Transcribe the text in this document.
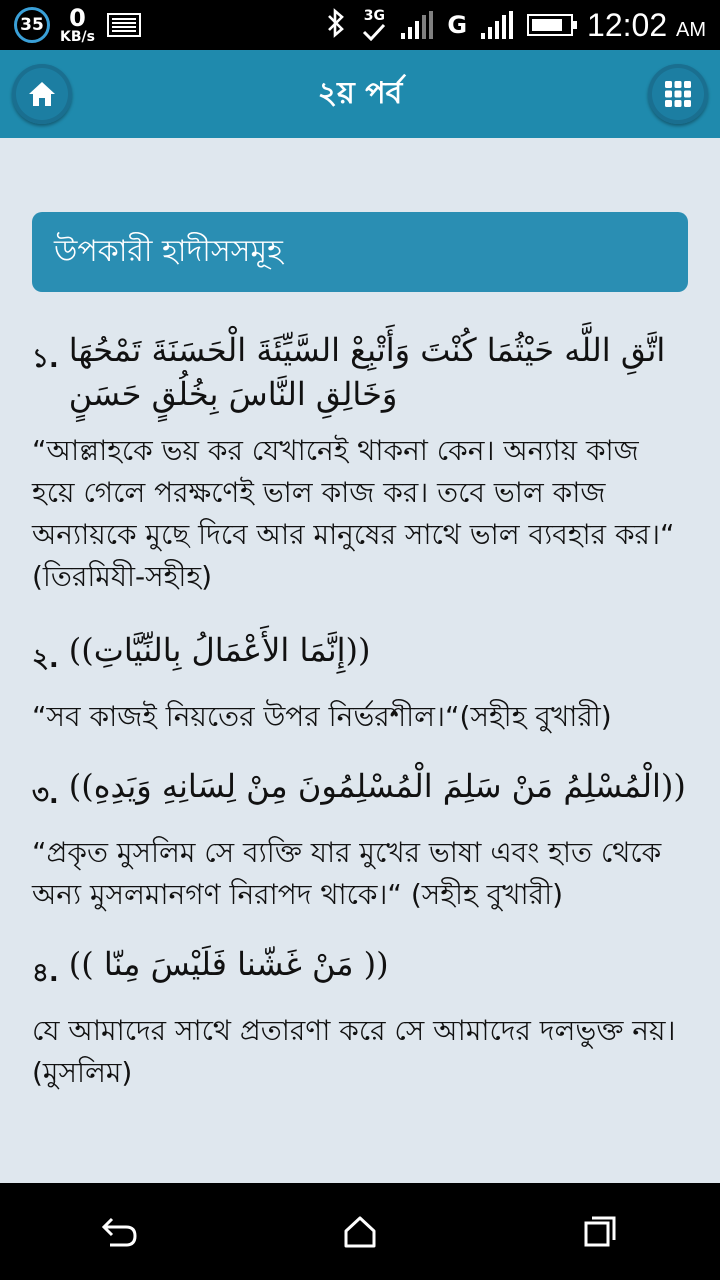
35	0
KB/s
3G	G	12:02 AM
২য় পর্ব
উপকারী হাদীসসমূহ
১. اتَّقِ اللَّه حَيْثُمَا كُنْتَ وَأَتْبِعْ السَّيِّئَةَ الْحَسَنَةَ تَمْحُهَا وَخَالِقِ النَّاسَ بِخُلُقٍ حَسَنٍ
“আল্লাহকে ভয় কর যেখানেই থাকনা কেন। অন্যায় কাজ হয়ে গেলে পরক্ষণেই ভাল কাজ কর। তবে ভাল কাজ অন্যায়কে মুছে দিবে আর মানুষের সাথে ভাল ব্যবহার কর।“ (তিরমিযী-সহীহ)
২. ((إِنَّمَا الأَعْمَالُ بِالنِّيَّاتِ))
“সব কাজই নিয়তের উপর নির্ভরশীল।“(সহীহ বুখারী)
৩. ((الْمُسْلِمُ مَنْ سَلِمَ الْمُسْلِمُونَ مِنْ لِسَانِهِ وَيَدِهِ))
“প্রকৃত মুসলিম সে ব্যক্তি যার মুখের ভাষা এবং হাত থেকে অন্য মুসলমানগণ নিরাপদ থাকে।“ (সহীহ বুখারী)
৪. (( مَنْ غَشّنا فَلَيْسَ مِنّا ))
যে আমাদের সাথে প্রতারণা করে সে আমাদের দলভুক্ত নয়। (মুসলিম)
